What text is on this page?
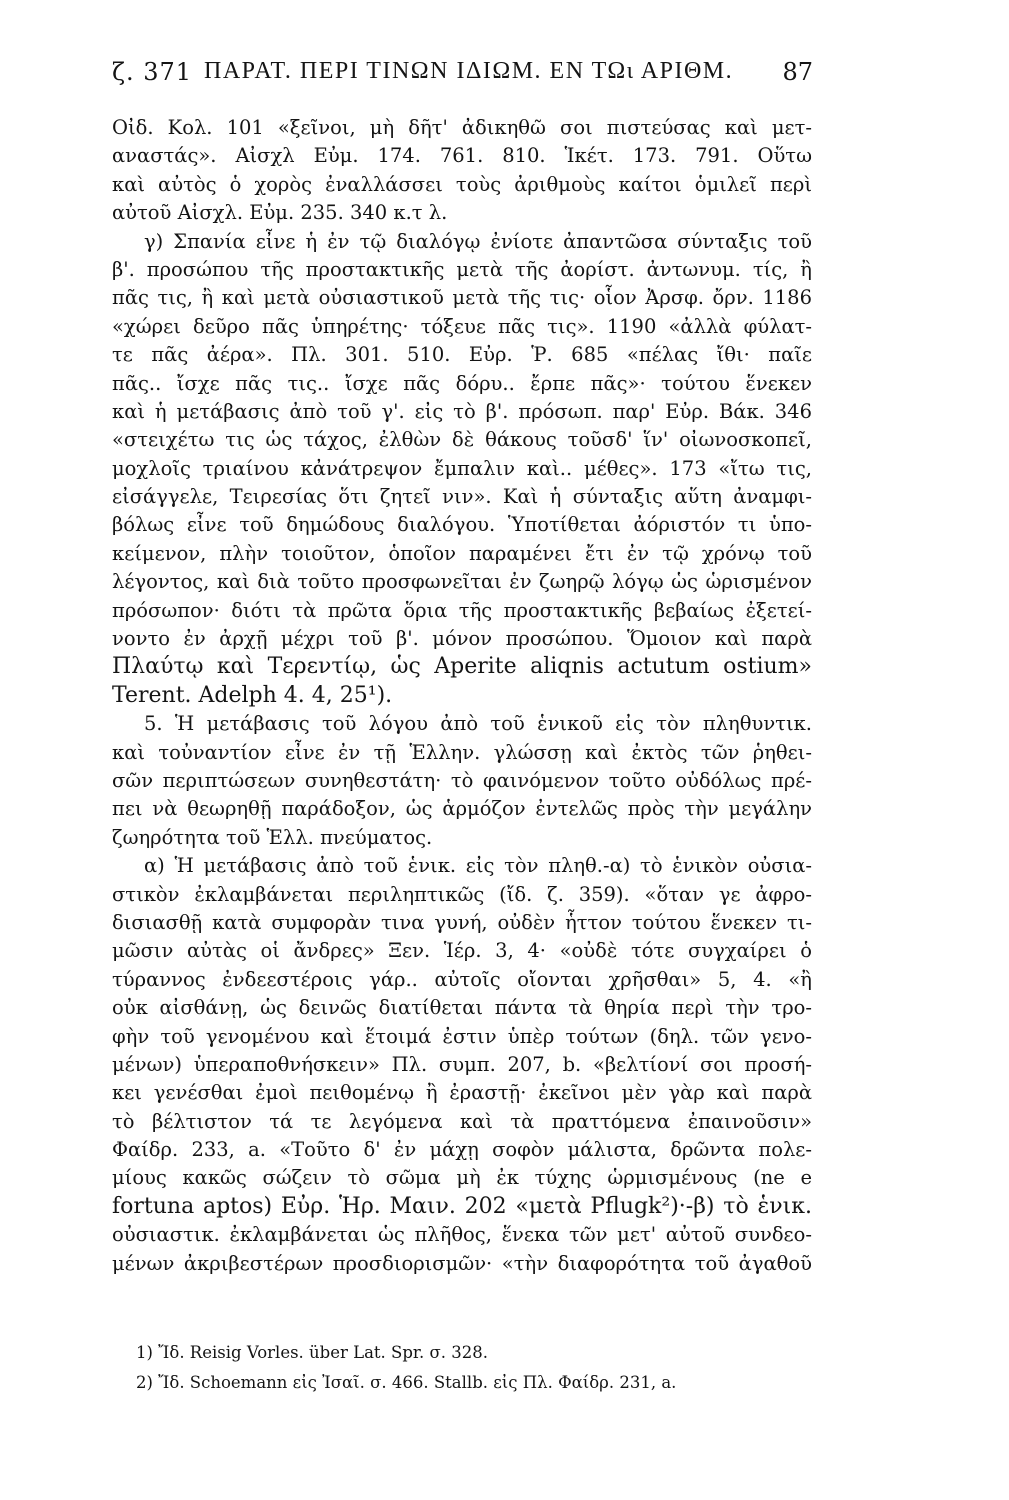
ζ. 371 ΠΑΡΑΤ. ΠΕΡΙ ΤΙΝΩΝ ΙΔΙΩΜ. ΕΝ ΤΩι ΑΡΙΘΜ. 87
Οἰδ. Κολ. 101 «ξεῖνοι, μὴ δῆτ' ἀδικηθῶ σοι πιστεύσας καὶ μετ-
αναστάς». Αἰσχλ Εὐμ. 174. 761. 810. Ἱκέτ. 173. 791. Οὕτω
καὶ αὐτὸς ὁ χορὸς ἐναλλάσσει τοὺς ἀριθμοὺς καίτοι ὁμιλεῖ περὶ
αὐτοῦ Αἰσχλ. Εὐμ. 235. 340 κ.τ λ.
γ) Σπανία εἶνε ἡ ἐν τῷ διαλόγῳ ἐνίοτε ἀπαντῶσα σύνταξις τοῦ
β'. προσώπου τῆς προστακτικῆς μετὰ τῆς ἀορίστ. ἀντωνυμ. τίς, ἢ
πᾶς τις, ἢ καὶ μετὰ οὐσιαστικοῦ μετὰ τῆς τις· οἷον Ἀρσφ. ὄρν. 1186
«χώρει δεῦρο πᾶς ὑπηρέτης· τόξευε πᾶς τις». 1190 «ἀλλὰ φύλατ-
τε πᾶς ἀέρα». Πλ. 301. 510. Εὐρ. Ῥ. 685 «πέλας ἴθι· παῖε
πᾶς.. ἴσχε πᾶς τις.. ἴσχε πᾶς δόρυ.. ἔρπε πᾶς»· τούτου ἕνεκεν
καὶ ἡ μετάβασις ἀπὸ τοῦ γ'. εἰς τὸ β'. πρόσωπ. παρ' Εὐρ. Βάκ. 346
«στειχέτω τις ὡς τάχος, ἐλθὼν δὲ θάκους τοῦσδ' ἵν' οἰωνοσκοπεῖ,
μοχλοῖς τριαίνου κἀνάτρεψον ἔμπαλιν καὶ.. μέθες». 173 «ἴτω τις,
εἰσάγγελε, Τειρεσίας ὅτι ζητεῖ νιν». Καὶ ἡ σύνταξις αὕτη ἀναμφι-
βόλως εἶνε τοῦ δημώδους διαλόγου. Ὑποτίθεται ἀόριστόν τι ὑπο-
κείμενον, πλὴν τοιοῦτον, ὁποῖον παραμένει ἔτι ἐν τῷ χρόνῳ τοῦ
λέγοντος, καὶ διὰ τοῦτο προσφωνεῖται ἐν ζωηρῷ λόγῳ ὡς ὡρισμένον
πρόσωπον· διότι τὰ πρῶτα ὅρια τῆς προστακτικῆς βεβαίως ἐξετεί-
νοντο ἐν ἀρχῇ μέχρι τοῦ β'. μόνον προσώπου. Ὅμοιον καὶ παρὰ
Πλαύτῳ καὶ Τερεντίῳ, ὡς Aperite aliqnis actutum ostium»
Terent. Adelph 4. 4, 25¹).
5. Ἡ μετάβασις τοῦ λόγου ἀπὸ τοῦ ἑνικοῦ εἰς τὸν πληθυντικ.
καὶ τοὐναντίον εἶνε ἐν τῇ Ἑλλην. γλώσσῃ καὶ ἐκτὸς τῶν ῥηθει-
σῶν περιπτώσεων συνηθεστάτη· τὸ φαινόμενον τοῦτο οὐδόλως πρέ-
πει νὰ θεωρηθῇ παράδοξον, ὡς ἁρμόζον ἐντελῶς πρὸς τὴν μεγάλην
ζωηρότητα τοῦ Ἑλλ. πνεύματος.
α) Ἡ μετάβασις ἀπὸ τοῦ ἑνικ. εἰς τὸν πληθ.-α) τὸ ἑνικὸν οὐσια-
στικὸν ἐκλαμβάνεται περιληπτικῶς (ἴδ. ζ. 359). «ὅταν γε ἀφρο-
δισιασθῇ κατὰ συμφορὰν τινα γυνή, οὐδὲν ἧττον τούτου ἕνεκεν τι-
μῶσιν αὐτὰς οἱ ἄνδρες» Ξεν. Ἱέρ. 3, 4· «οὐδὲ τότε συγχαίρει ὁ
τύραννος ἐνδεεστέροις γάρ.. αὐτοῖς οἴονται χρῆσθαι» 5, 4. «ἢ
οὐκ αἰσθάνῃ, ὡς δεινῶς διατίθεται πάντα τὰ θηρία περὶ τὴν τρο-
φὴν τοῦ γενομένου καὶ ἕτοιμά ἐστιν ὑπὲρ τούτων (δηλ. τῶν γενο-
μένων) ὑπεραποθνήσκειν» Πλ. συμπ. 207, b. «βελτίονί σοι προσή-
κει γενέσθαι ἐμοὶ πειθομένῳ ἢ ἐραστῇ· ἐκεῖνοι μὲν γὰρ καὶ παρὰ
τὸ βέλτιστον τά τε λεγόμενα καὶ τὰ πραττόμενα ἐπαινοῦσιν»
Φαίδρ. 233, a. «Τοῦτο δ' ἐν μάχῃ σοφὸν μάλιστα, δρῶντα πολε-
μίους κακῶς σώζειν τὸ σῶμα μὴ ἐκ τύχης ὡρμισμένους (ne e
fortuna aptos) Εὐρ. Ἡρ. Μαιν. 202 «μετὰ Pflugk²)·-β) τὸ ἑνικ.
οὐσιαστικ. ἐκλαμβάνεται ὡς πλῆθος, ἕνεκα τῶν μετ' αὐτοῦ συνδεο-
μένων ἀκριβεστέρων προσδιορισμῶν· «τὴν διαφορότητα τοῦ ἀγαθοῦ
1) Ἴδ. Reisig Vorles. über Lat. Spr. σ. 328.
2) Ἴδ. Schoemann εἰς Ἰσαῖ. σ. 466. Stallb. εἰς Πλ. Φαίδρ. 231, a.
